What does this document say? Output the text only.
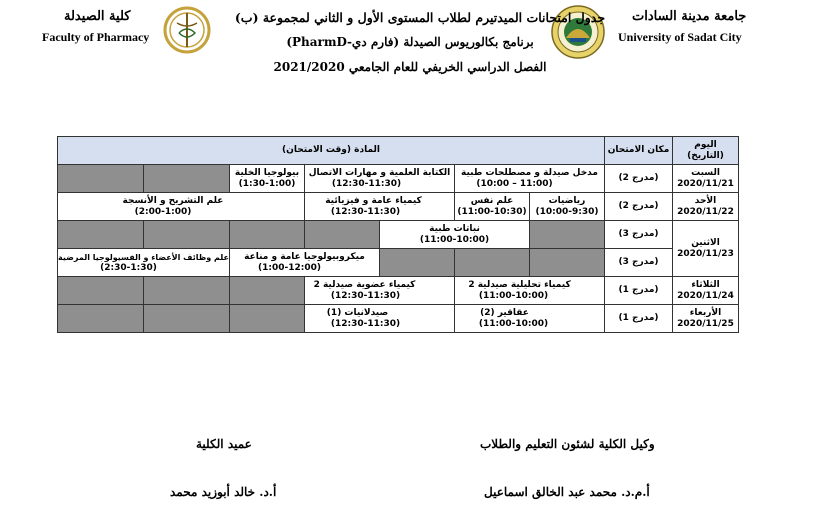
جامعة مدينة السادات
University of Sadat City
كلية الصيدلة
Faculty of Pharmacy
جدول امتحانات الميدتيرم لطلاب المستوى الأول و الثاني لمجموعة (ب)
برنامج بكالوريوس الصيدلة (فارم دي-PharmD)
الفصل الدراسي الخريفي للعام الجامعي 2021/2020
المادة (وقت الامتحان)							مكان الامتحان	اليوم
(التاريخ)

		بيولوجيا الخلية
(1:30-1:00)	الكتابة العلمية و مهارات الاتصال
(12:30-11:30)		مدخل صيدلة و مصطلحات طبية
(11:00 – 10:00)		(مدرج 2)	السبت
2020/11/21

علم التشريح و الأنسجة
(2:00-1:00)			كيمياء عامة و فيزيائية
(12:30-11:30)		علم نفس
(11:00-10:30)	رياضيات
(10:00-9:30)	(مدرج 2)	الأحد
2020/11/22

				نباتات طبية
(11:00-10:00)			(مدرج 3)	الاثنين
2020/11/23

علم وظائف الأعضاء و الفسيولوجيا المرضية
(2:30-1:30)		ميكروبيولوجيا عامة و مناعة
(1:00-12:00)					(مدرج 3)	

			كيمياء عضوية صيدلية 2
(12:30-11:30)		كيمياء تحليلية صيدلية 2
(11:00-10:00)		(مدرج 1)	الثلاثاء
2020/11/24

			صيدلانيات (1)
(12:30-11:30)		عقاقير (2)
(11:00-10:00)		(مدرج 1)	الأربعاء
2020/11/25
وكيل الكلية لشئون التعليم والطلاب
أ.م.د. محمد عبد الخالق اسماعيل
عميد الكلية
أ.د. خالد أبوزيد محمد
